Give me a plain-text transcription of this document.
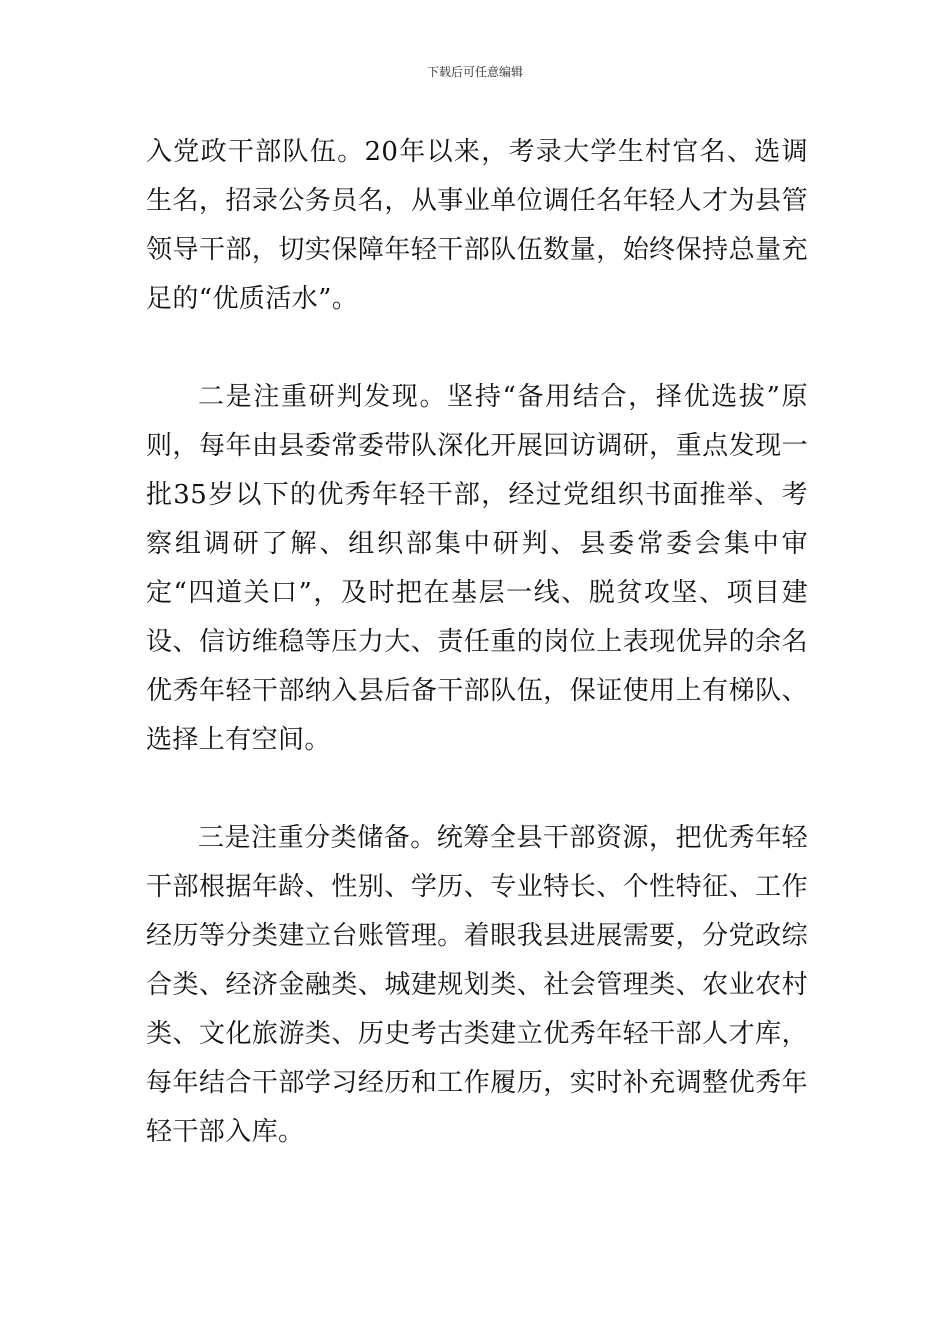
下载后可任意编辑

入党政干部队伍。20年以来，考录大学生村官名、选调生名，招录公务员名，从事业单位调任名年轻人才为县管领导干部，切实保障年轻干部队伍数量，始终保持总量充足的“优质活水”。

二是注重研判发现。坚持“备用结合，择优选拔”原则，每年由县委常委带队深化开展回访调研，重点发现一批35岁以下的优秀年轻干部，经过党组织书面推举、考察组调研了解、组织部集中研判、县委常委会集中审定“四道关口”，及时把在基层一线、脱贫攻坚、项目建设、信访维稳等压力大、责任重的岗位上表现优异的余名优秀年轻干部纳入县后备干部队伍，保证使用上有梯队、选择上有空间。

三是注重分类储备。统筹全县干部资源，把优秀年轻干部根据年龄、性别、学历、专业特长、个性特征、工作经历等分类建立台账管理。着眼我县进展需要，分党政综合类、经济金融类、城建规划类、社会管理类、农业农村类、文化旅游类、历史考古类建立优秀年轻干部人才库，每年结合干部学习经历和工作履历，实时补充调整优秀年轻干部入库。
